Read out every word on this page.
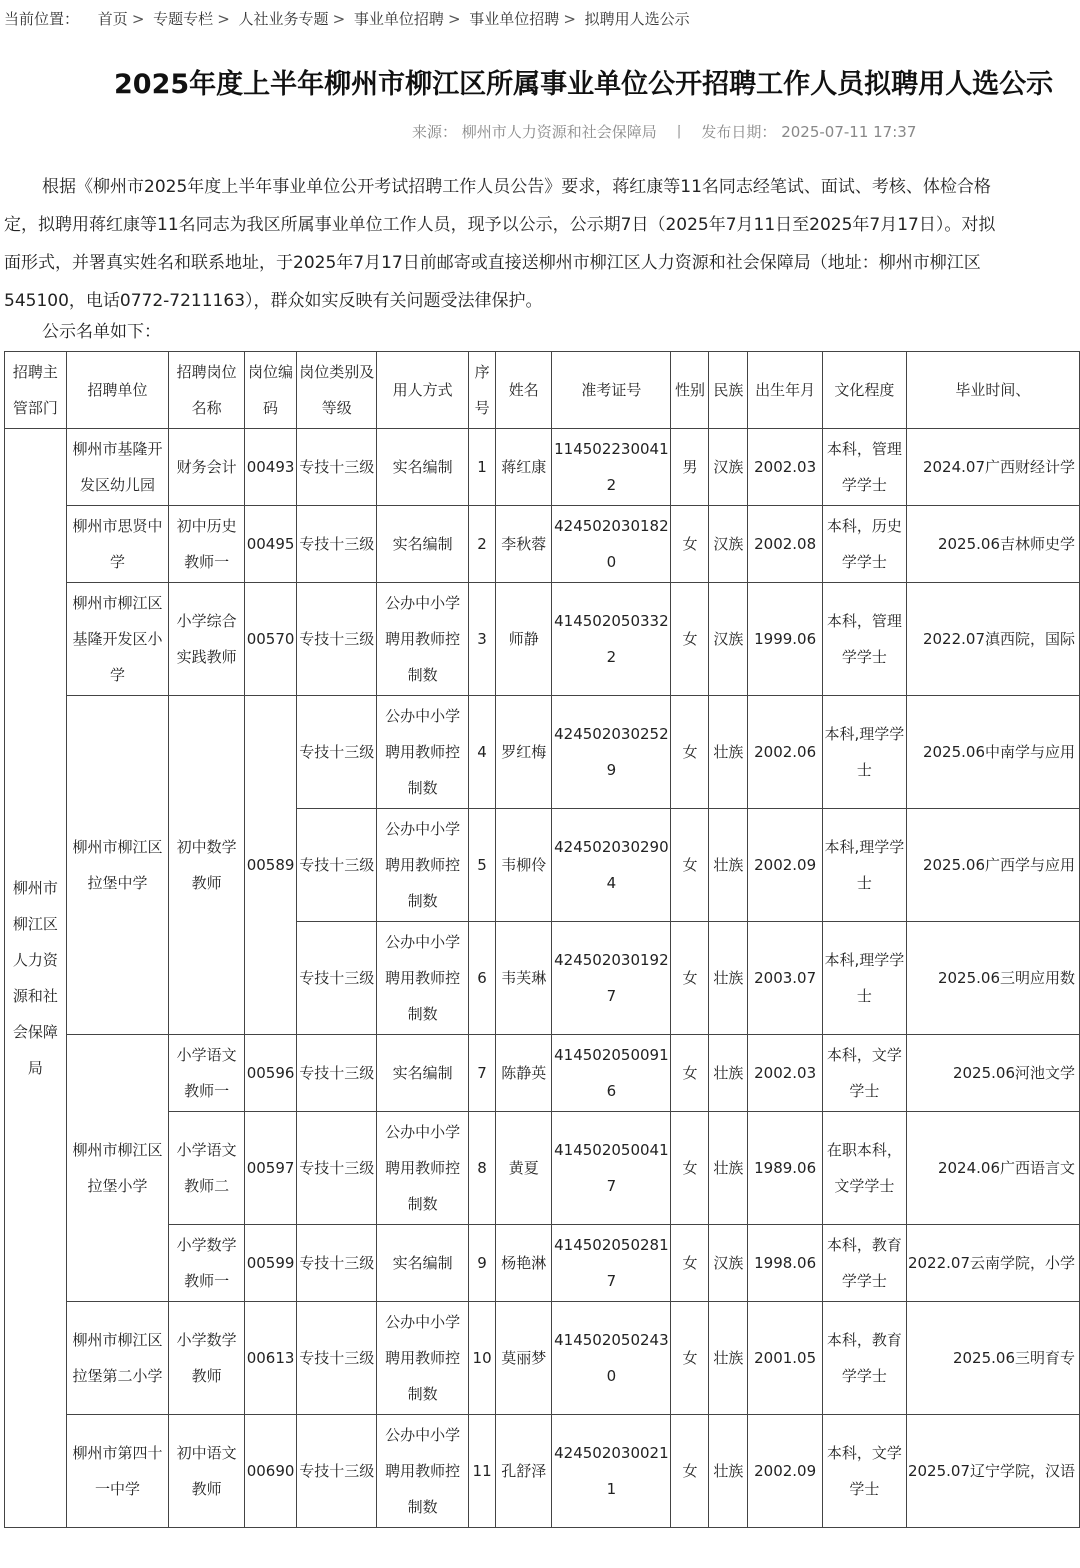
当前位置： 首页 > 专题专栏 > 人社业务专题 > 事业单位招聘 > 事业单位招聘 > 拟聘用人选公示
2025年度上半年柳州市柳江区所属事业单位公开招聘工作人员拟聘用人选公示
来源： 柳州市人力资源和社会保障局 丨 发布日期： 2025-07-11 17:37

根据《柳州市2025年度上半年事业单位公开考试招聘工作人员公告》要求，蒋红康等11名同志经笔试、面试、考核、体检合格

定，拟聘用蒋红康等11名同志为我区所属事业单位工作人员，现予以公示，公示期7日（2025年7月11日至2025年7月17日）。对拟

面形式，并署真实姓名和联系地址，于2025年7月17日前邮寄或直接送柳州市柳江区人力资源和社会保障局（地址：柳州市柳江区

545100，电话0772-7211163），群众如实反映有关问题受法律保护。

公示名单如下：
招聘主管部门	招聘单位	招聘岗位名称	岗位编码	岗位类别及等级	用人方式	序号	姓名	准考证号	性别	民族	出生年月	文化程度	毕业时间、
柳州市柳江区人力资源和社会保障局	柳州市基隆开发区幼儿园	财务会计	00493	专技十三级	实名编制	1	蒋红康	1145022300412	男	汉族	2002.03	本科，管理学学士	2024.07广西财经计学
	柳州市思贤中学	初中历史教师一	00495	专技十三级	实名编制	2	李秋蓉	4245020301820	女	汉族	2002.08	本科，历史学学士	2025.06吉林师史学
	柳州市柳江区基隆开发区小学	小学综合实践教师	00570	专技十三级	公办中小学聘用教师控制数	3	师静	4145020503322	女	汉族	1999.06	本科，管理学学士	2022.07滇西院，国际
	柳州市柳江区拉堡中学	初中数学教师	00589	专技十三级	公办中小学聘用教师控制数	4	罗红梅	4245020302529	女	壮族	2002.06	本科,理学学士	2025.06中南学与应用
				专技十三级	公办中小学聘用教师控制数	5	韦柳伶	4245020302904	女	壮族	2002.09	本科,理学学士	2025.06广西学与应用
				专技十三级	公办中小学聘用教师控制数	6	韦芙琳	4245020301927	女	壮族	2003.07	本科,理学学士	2025.06三明应用数
	柳州市柳江区拉堡小学	小学语文教师一	00596	专技十三级	实名编制	7	陈静英	4145020500916	女	壮族	2002.03	本科，文学学士	2025.06河池文学
		小学语文教师二	00597	专技十三级	公办中小学聘用教师控制数	8	黄夏	4145020500417	女	壮族	1989.06	在职本科，文学学士	2024.06广西语言文
		小学数学教师一	00599	专技十三级	实名编制	9	杨艳淋	4145020502817	女	汉族	1998.06	本科，教育学学士	2022.07云南学院，小学
	柳州市柳江区拉堡第二小学	小学数学教师	00613	专技十三级	公办中小学聘用教师控制数	10	莫丽梦	4145020502430	女	壮族	2001.05	本科，教育学学士	2025.06三明育专
	柳州市第四十一中学	初中语文教师	00690	专技十三级	公办中小学聘用教师控制数	11	孔舒泽	4245020300211	女	壮族	2002.09	本科，文学学士	2025.07辽宁学院，汉语
